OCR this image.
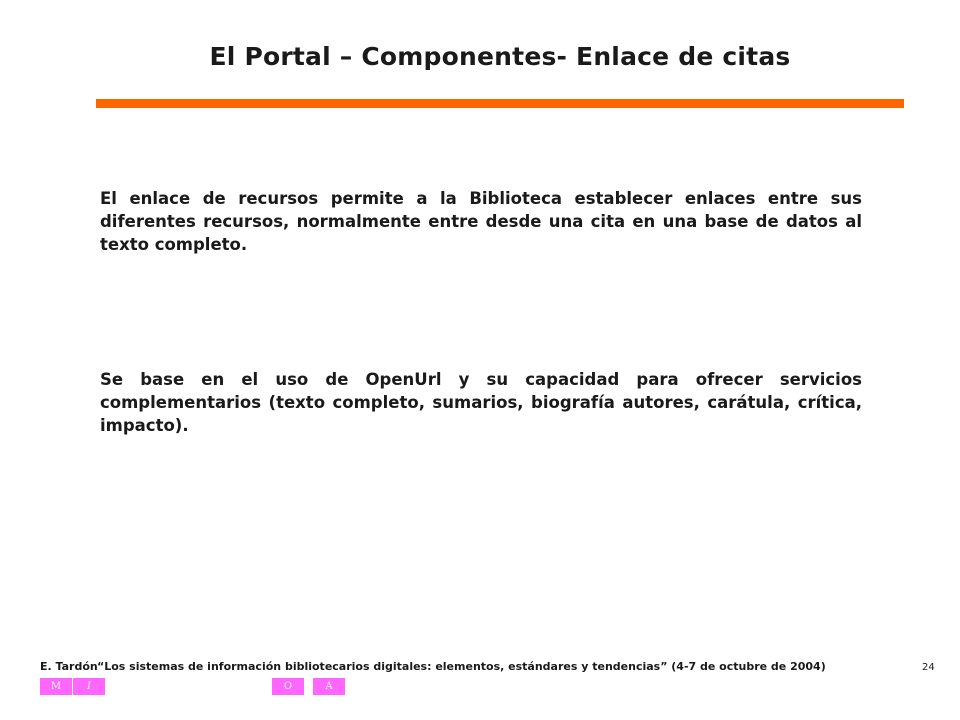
El Portal – Componentes- Enlace de citas
El enlace de recursos permite a la Biblioteca establecer enlaces entre sus diferentes recursos, normalmente entre desde una cita en una base de datos al texto completo.
Se base en el uso de OpenUrl y su capacidad para ofrecer servicios complementarios (texto completo, sumarios, biografía autores, carátula, crítica, impacto).
E. Tardón “Los sistemas de información bibliotecarios digitales: elementos, estándares y tendencias” (4-7 de octubre de 2004)	24
M	I	O	A
